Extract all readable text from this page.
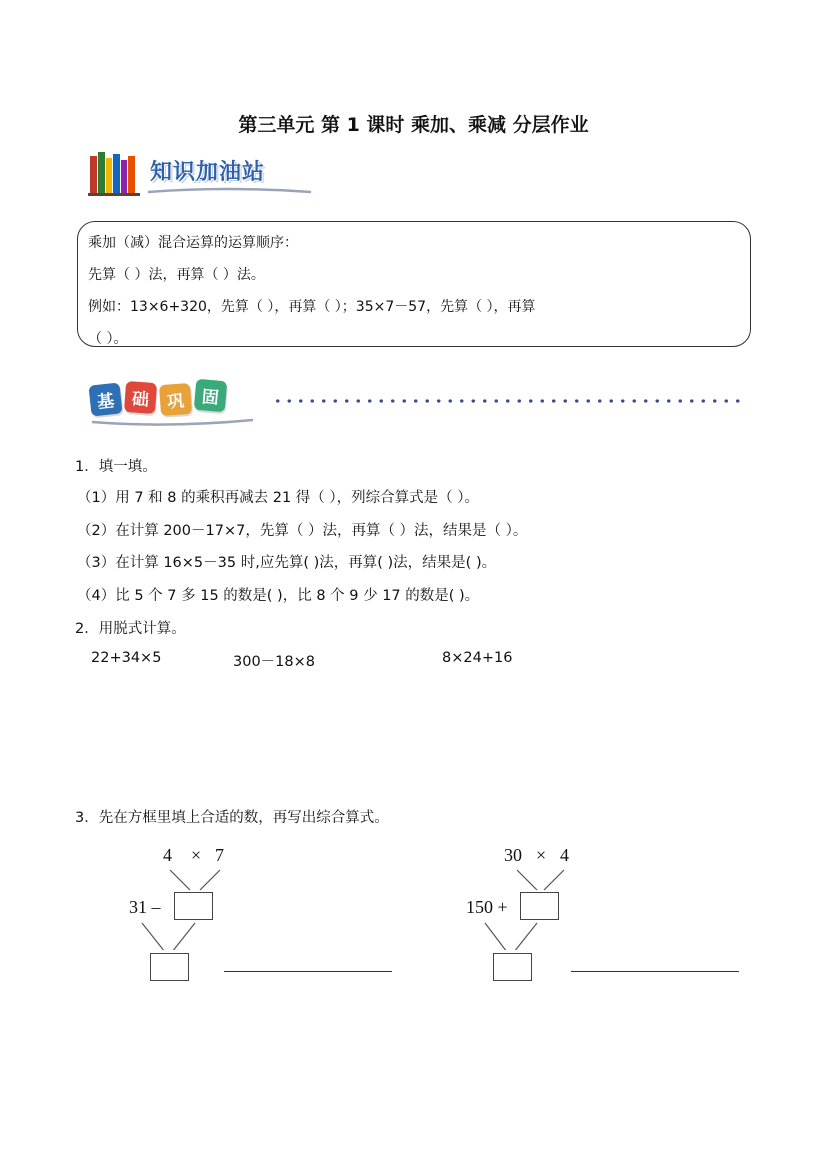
第三单元 第 1 课时 乘加、乘减 分层作业
知识加油站
乘加（减）混合运算的运算顺序：
先算（ ）法，再算（ ）法。
例如：13×6+320，先算（ ），再算（ ）；35×7－57，先算（ ），再算
（ ）。
基 础 巩 固
1．填一填。
（1）用 7 和 8 的乘积再减去 21 得（ ），列综合算式是（ ）。
（2）在计算 200－17×7，先算（ ）法，再算（ ）法，结果是（ ）。
（3）在计算 16×5－35 时,应先算( )法，再算( )法，结果是( )。
（4）比 5 个 7 多 15 的数是( )，比 8 个 9 少 17 的数是( )。
2．用脱式计算。
22+34×5	300－18×8	8×24+16
3．先在方框里填上合适的数，再写出综合算式。
4 × 7
31 –
30 × 4
150 +
